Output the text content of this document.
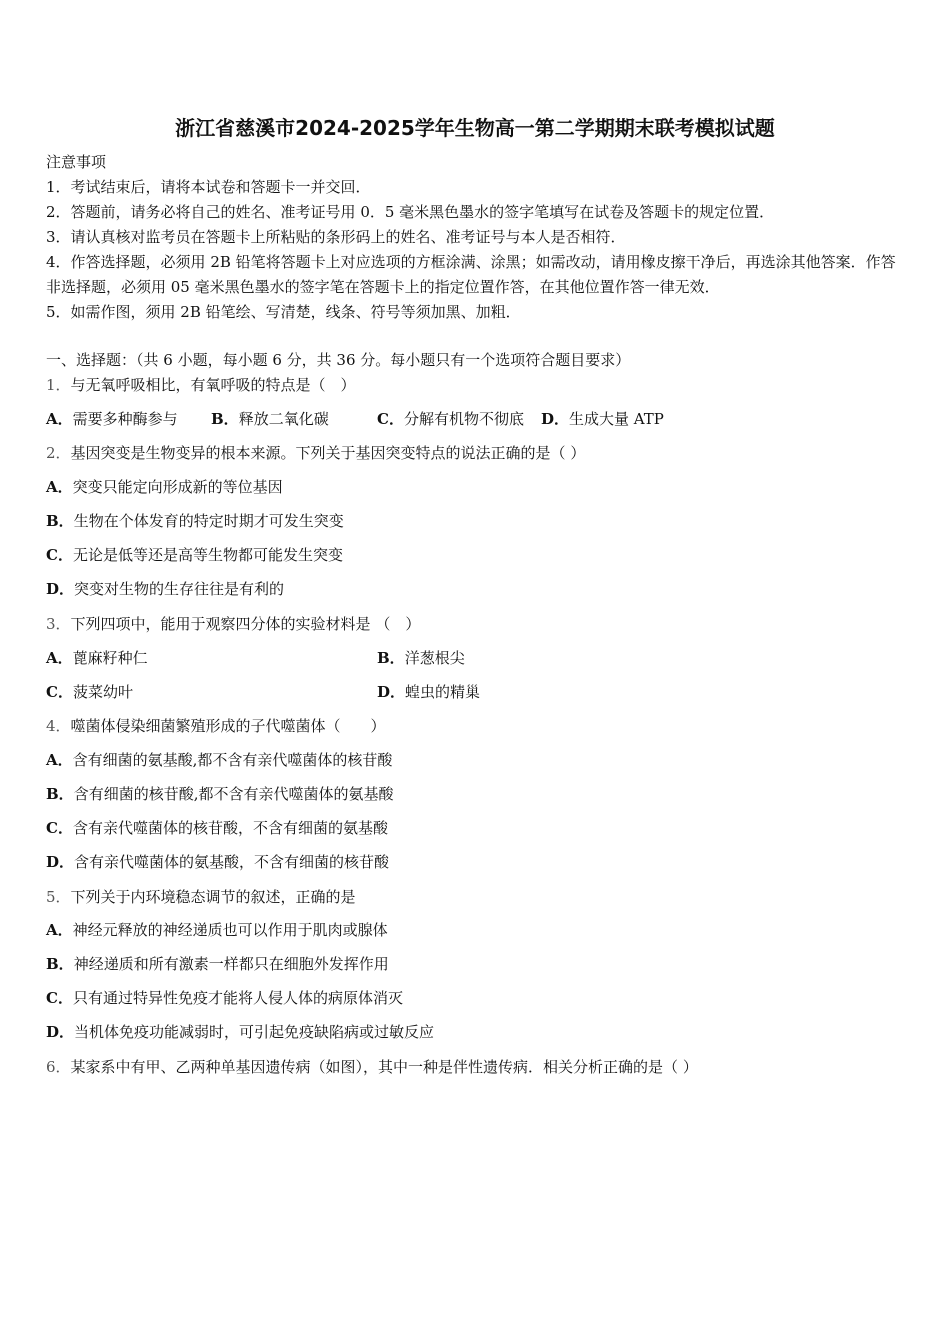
浙江省慈溪市2024-2025学年生物高一第二学期期末联考模拟试题
注意事项
1．考试结束后，请将本试卷和答题卡一并交回．
2．答题前，请务必将自己的姓名、准考证号用 0．5 毫米黑色墨水的签字笔填写在试卷及答题卡的规定位置．
3．请认真核对监考员在答题卡上所粘贴的条形码上的姓名、准考证号与本人是否相符．
4．作答选择题，必须用 2B 铅笔将答题卡上对应选项的方框涂满、涂黑；如需改动，请用橡皮擦干净后，再选涂其他答案．作答非选择题，必须用 05 毫米黑色墨水的签字笔在答题卡上的指定位置作答，在其他位置作答一律无效．
5．如需作图，须用 2B 铅笔绘、写清楚，线条、符号等须加黑、加粗．
一、选择题：（共 6 小题，每小题 6 分，共 36 分。每小题只有一个选项符合题目要求）
1．与无氧呼吸相比，有氧呼吸的特点是（　）
A．需要多种酶参与 B．释放二氧化碳	C．分解有机物不彻底 D．生成大量 ATP
2．基因突变是生物变异的根本来源。下列关于基因突变特点的说法正确的是（ ）
A．突变只能定向形成新的等位基因
B．生物在个体发育的特定时期才可发生突变
C．无论是低等还是高等生物都可能发生突变
D．突变对生物的生存往往是有利的
3．下列四项中，能用于观察四分体的实验材料是 （　）
A．蓖麻籽种仁	B．洋葱根尖
C．菠菜幼叶	D．蝗虫的精巢
4．噬菌体侵染细菌繁殖形成的子代噬菌体（　　）
A．含有细菌的氨基酸,都不含有亲代噬菌体的核苷酸
B．含有细菌的核苷酸,都不含有亲代噬菌体的氨基酸
C．含有亲代噬菌体的核苷酸，不含有细菌的氨基酸
D．含有亲代噬菌体的氨基酸，不含有细菌的核苷酸
5．下列关于内环境稳态调节的叙述，正确的是
A．神经元释放的神经递质也可以作用于肌肉或腺体
B．神经递质和所有激素一样都只在细胞外发挥作用
C．只有通过特异性免疫才能将人侵人体的病原体消灭
D．当机体免疫功能减弱时，可引起免疫缺陷病或过敏反应
6．某家系中有甲、乙两种单基因遗传病（如图），其中一种是伴性遗传病．相关分析正确的是（ ）
